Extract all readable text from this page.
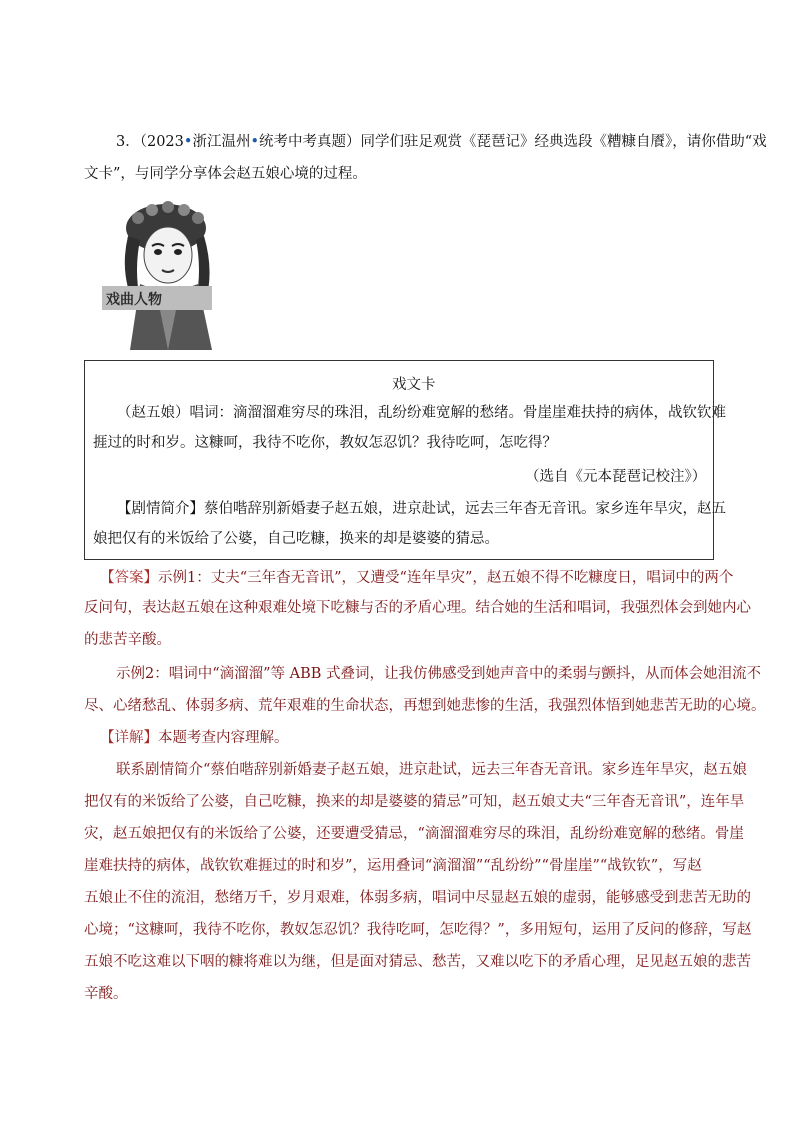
3．（2023•浙江温州•统考中考真题）同学们驻足观赏《琵琶记》经典选段《糟糠自餍》，请你借助“戏
文卡”，与同学分享体会赵五娘心境的过程。
戏曲人物
戏文卡
（赵五娘）唱词：滴溜溜难穷尽的珠泪，乱纷纷难宽解的愁绪。骨崖崖难扶持的病体，战钦钦难
捱过的时和岁。这糠呵，我待不吃你，教奴怎忍饥？我待吃呵，怎吃得？
（选自《元本琵琶记校注》）
【剧情简介】蔡伯喈辞别新婚妻子赵五娘，进京赴试，远去三年杳无音讯。家乡连年旱灾，赵五
娘把仅有的米饭给了公婆，自己吃糠，换来的却是婆婆的猜忌。
【答案】示例1：丈夫“三年杳无音讯”，又遭受“连年旱灾”，赵五娘不得不吃糠度日，唱词中的两个
反问句，表达赵五娘在这种艰难处境下吃糠与否的矛盾心理。结合她的生活和唱词，我强烈体会到她内心
的悲苦辛酸。
示例2：唱词中“滴溜溜”等 ABB 式叠词，让我仿佛感受到她声音中的柔弱与颤抖，从而体会她泪流不
尽、心绪愁乱、体弱多病、荒年艰难的生命状态，再想到她悲惨的生活，我强烈体悟到她悲苦无助的心境。
【详解】本题考查内容理解。
联系剧情简介“蔡伯喈辞别新婚妻子赵五娘，进京赴试，远去三年杳无音讯。家乡连年旱灾，赵五娘
把仅有的米饭给了公婆，自己吃糠，换来的却是婆婆的猜忌”可知，赵五娘丈夫“三年杳无音讯”，连年旱
灾，赵五娘把仅有的米饭给了公婆，还要遭受猜忌，“滴溜溜难穷尽的珠泪，乱纷纷难宽解的愁绪。骨崖
崖难扶持的病体，战钦钦难捱过的时和岁”，运用叠词“滴溜溜”“乱纷纷”“骨崖崖”“战钦钦”，写赵
五娘止不住的流泪，愁绪万千，岁月艰难，体弱多病，唱词中尽显赵五娘的虚弱，能够感受到悲苦无助的
心境；“这糠呵，我待不吃你，教奴怎忍饥？我待吃呵，怎吃得？”，多用短句，运用了反问的修辞，写赵
五娘不吃这难以下咽的糠将难以为继，但是面对猜忌、愁苦，又难以吃下的矛盾心理，足见赵五娘的悲苦
辛酸。
